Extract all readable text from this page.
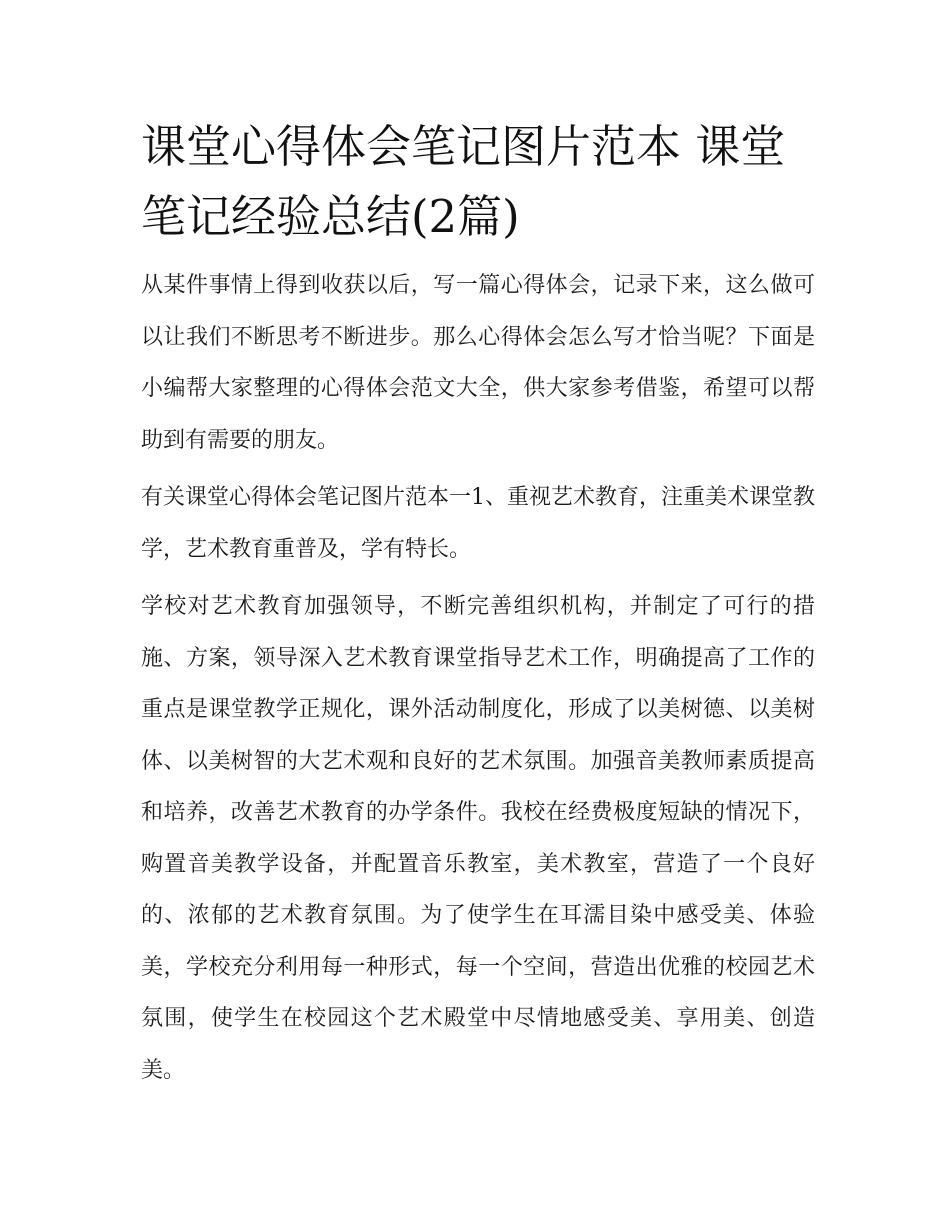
课堂心得体会笔记图片范本 课堂笔记经验总结(2篇)

从某件事情上得到收获以后，写一篇心得体会，记录下来，这么做可以让我们不断思考不断进步。那么心得体会怎么写才恰当呢？下面是小编帮大家整理的心得体会范文大全，供大家参考借鉴，希望可以帮助到有需要的朋友。

有关课堂心得体会笔记图片范本一1、重视艺术教育，注重美术课堂教学，艺术教育重普及，学有特长。

学校对艺术教育加强领导，不断完善组织机构，并制定了可行的措施、方案，领导深入艺术教育课堂指导艺术工作，明确提高了工作的重点是课堂教学正规化，课外活动制度化，形成了以美树德、以美树体、以美树智的大艺术观和良好的艺术氛围。加强音美教师素质提高和培养，改善艺术教育的办学条件。我校在经费极度短缺的情况下，购置音美教学设备，并配置音乐教室，美术教室，营造了一个良好的、浓郁的艺术教育氛围。为了使学生在耳濡目染中感受美、体验美，学校充分利用每一种形式，每一个空间，营造出优雅的校园艺术氛围，使学生在校园这个艺术殿堂中尽情地感受美、享用美、创造美。
